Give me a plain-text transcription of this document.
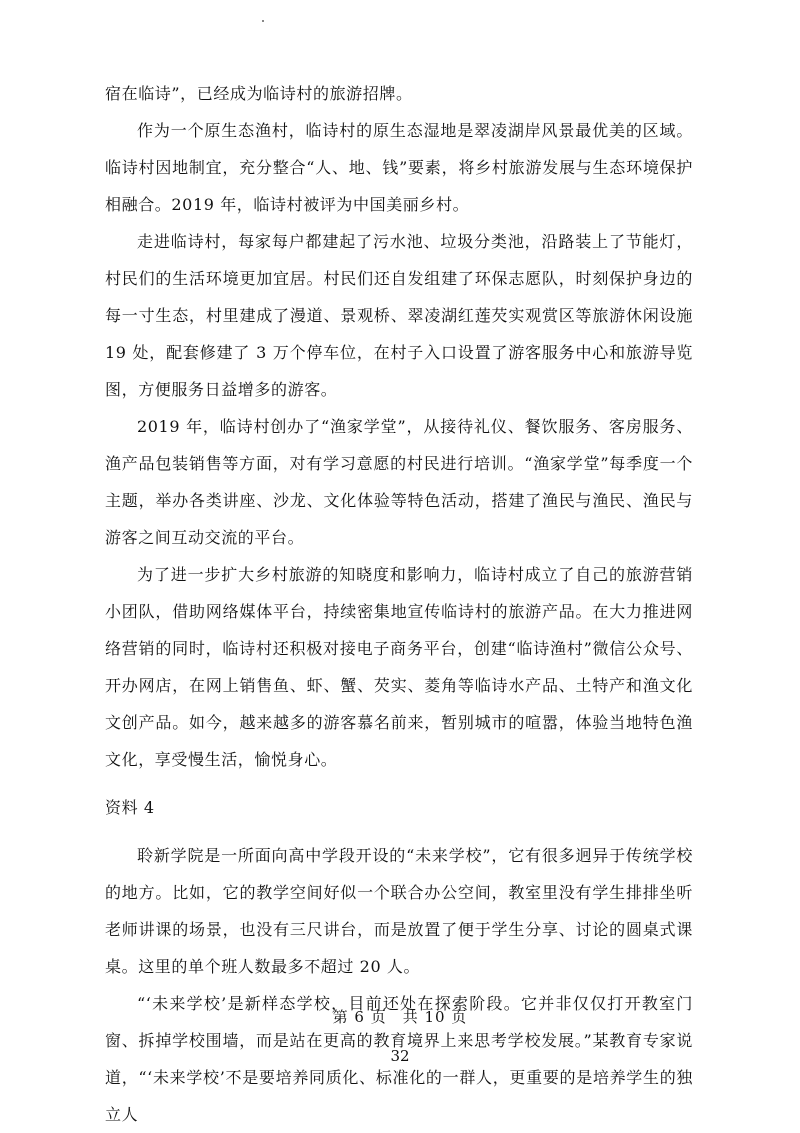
宿在临诗”，已经成为临诗村的旅游招牌。

作为一个原生态渔村，临诗村的原生态湿地是翠凌湖岸风景最优美的区域。临诗村因地制宜，充分整合“人、地、钱”要素，将乡村旅游发展与生态环境保护相融合。2019 年，临诗村被评为中国美丽乡村。

走进临诗村，每家每户都建起了污水池、垃圾分类池，沿路装上了节能灯，村民们的生活环境更加宜居。村民们还自发组建了环保志愿队，时刻保护身边的每一寸生态，村里建成了漫道、景观桥、翠凌湖红莲芡实观赏区等旅游休闲设施 19 处，配套修建了 3 万个停车位，在村子入口设置了游客服务中心和旅游导览图，方便服务日益增多的游客。

2019 年，临诗村创办了“渔家学堂”，从接待礼仪、餐饮服务、客房服务、渔产品包装销售等方面，对有学习意愿的村民进行培训。“渔家学堂”每季度一个主题，举办各类讲座、沙龙、文化体验等特色活动，搭建了渔民与渔民、渔民与游客之间互动交流的平台。

为了进一步扩大乡村旅游的知晓度和影响力，临诗村成立了自己的旅游营销小团队，借助网络媒体平台，持续密集地宣传临诗村的旅游产品。在大力推进网络营销的同时，临诗村还积极对接电子商务平台，创建“临诗渔村”微信公众号、开办网店，在网上销售鱼、虾、蟹、芡实、菱角等临诗水产品、土特产和渔文化文创产品。如今，越来越多的游客慕名前来，暂别城市的喧嚣，体验当地特色渔文化，享受慢生活，愉悦身心。

资料 4

聆新学院是一所面向高中学段开设的“未来学校”，它有很多迥异于传统学校的地方。比如，它的教学空间好似一个联合办公空间，教室里没有学生排排坐听老师讲课的场景，也没有三尺讲台，而是放置了便于学生分享、讨论的圆桌式课桌。这里的单个班人数最多不超过 20 人。

“‘未来学校’是新样态学校，目前还处在探索阶段。它并非仅仅打开教室门窗、拆掉学校围墙，而是站在更高的教育境界上来思考学校发展。”某教育专家说道，“‘未来学校’不是要培养同质化、标准化的一群人，更重要的是培养学生的独立人

第 6 页　共 10 页
32
